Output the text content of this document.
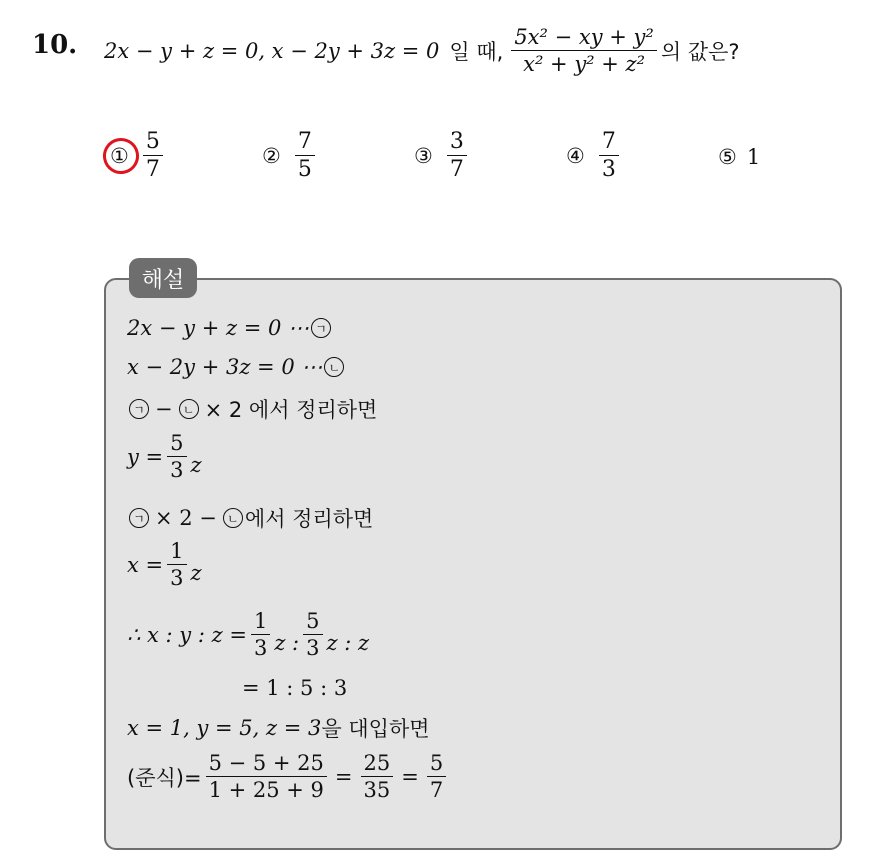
10. 2x − y + z = 0, x − 2y + 3z = 0 일 때, $\frac{\text{5x² − xy + y²}}{\text{x² + y² + z²}}$ 의 값은?
① $\frac{5}{7}$	② $\frac{7}{5}$	③ $\frac{3}{7}$	④ $\frac{7}{3}$	⑤ 1
해설
2x − y + z = 0 ⋯ ㄱ
x − 2y + 3z = 0 ⋯ ㄴ
ㄱ − ㄴ × 2 에서 정리하면
$y = \frac{5}{3}$ z
ㄱ × 2 − ㄴ 에서 정리하면
$x = \frac{1}{3}$ z
∴ x : y : $z = \frac{1}{3}$ z : $\frac{5}{3}$ z : z
= 1 : 5 : 3
x = 1, y = 5, z = 3 을 대입하면
(준식)= $\frac{5 - 5 + 25}{1 + 25 + 9} = \frac{25}{35} = \frac{5}{7}$
